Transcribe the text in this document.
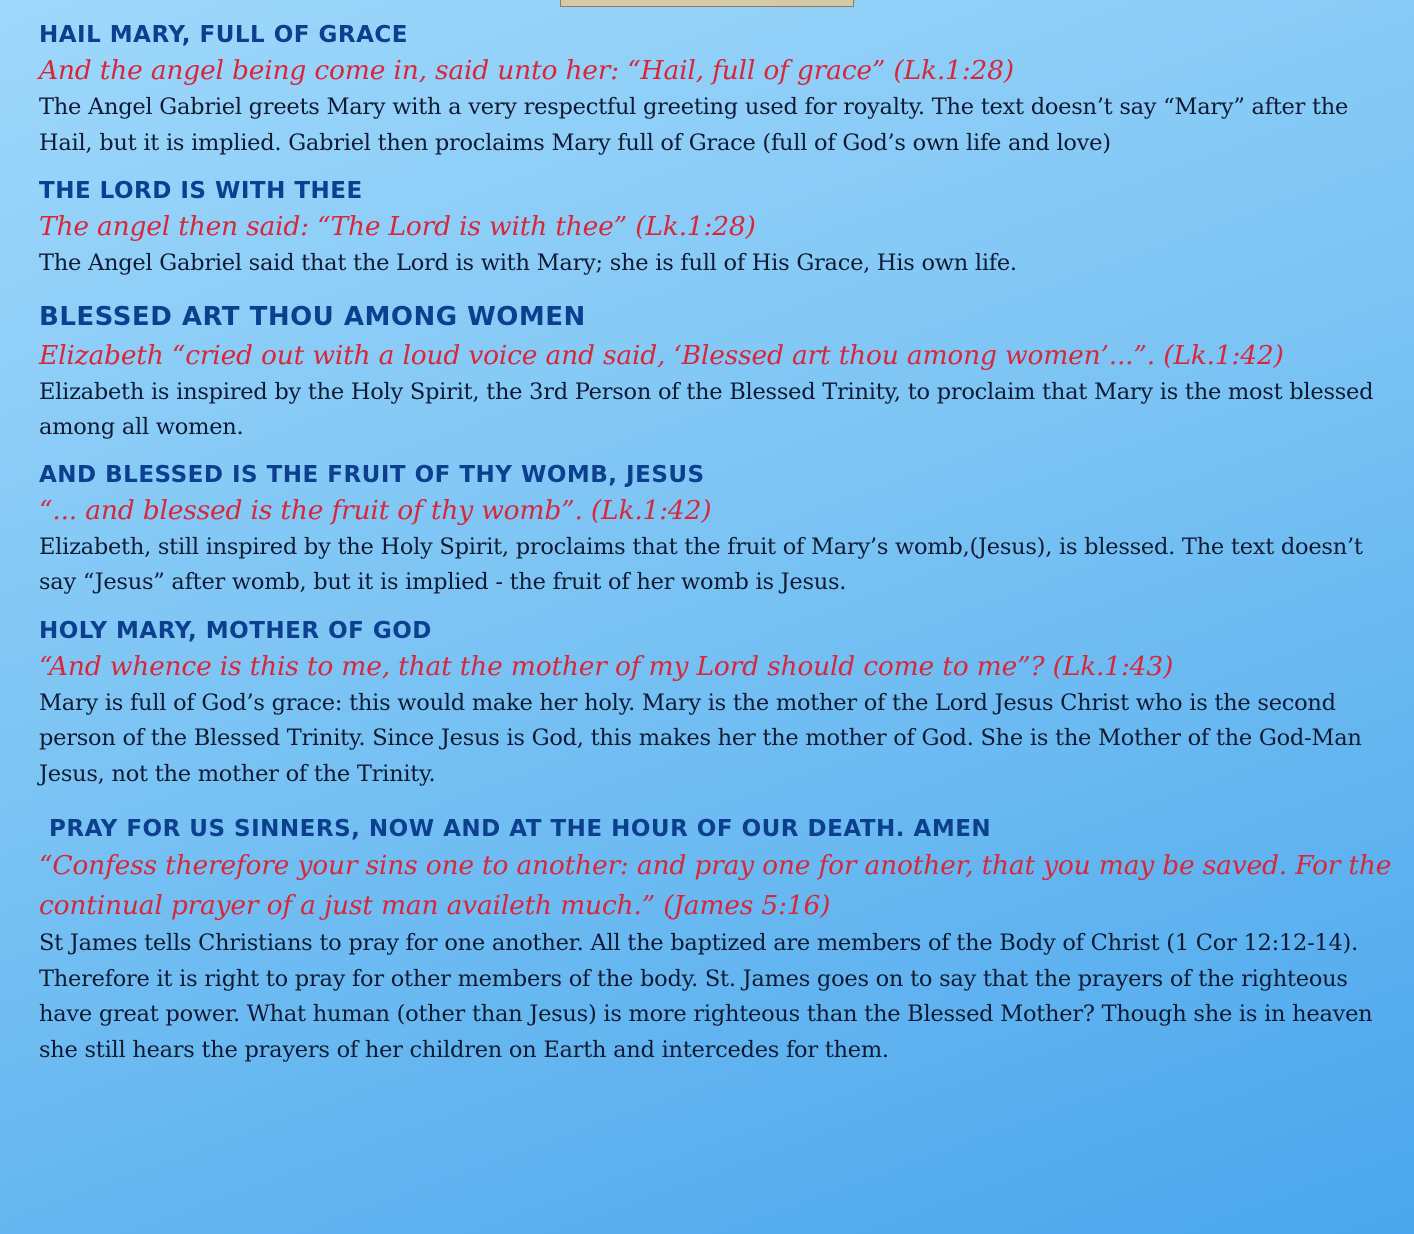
HAIL MARY, FULL OF GRACE
And the angel being come in, said unto her: “Hail, full of grace” (Lk.1:28)
The Angel Gabriel greets Mary with a very respectful greeting used for royalty. The text doesn’t say “Mary” after the Hail, but it is implied. Gabriel then proclaims Mary full of Grace (full of God’s own life and love)
THE LORD IS WITH THEE
The angel then said: “The Lord is with thee” (Lk.1:28)
The Angel Gabriel said that the Lord is with Mary; she is full of His Grace, His own life.
BLESSED ART THOU AMONG WOMEN
Elizabeth “cried out with a loud voice and said, ‘Blessed art thou among women’...”. (Lk.1:42)
Elizabeth is inspired by the Holy Spirit, the 3rd Person of the Blessed Trinity, to proclaim that Mary is the most blessed among all women.
AND BLESSED IS THE FRUIT OF THY WOMB, JESUS
“... and blessed is the fruit of thy womb”. (Lk.1:42)
Elizabeth, still inspired by the Holy Spirit, proclaims that the fruit of Mary’s womb,(Jesus), is blessed. The text doesn’t say “Jesus” after womb, but it is implied - the fruit of her womb is Jesus.
HOLY MARY, MOTHER OF GOD
“And whence is this to me, that the mother of my Lord should come to me”? (Lk.1:43)
Mary is full of God’s grace: this would make her holy. Mary is the mother of the Lord Jesus Christ who is the second person of the Blessed Trinity. Since Jesus is God, this makes her the mother of God. She is the Mother of the God-Man Jesus, not the mother of the Trinity.
PRAY FOR US SINNERS, NOW AND AT THE HOUR OF OUR DEATH. AMEN
“Confess therefore your sins one to another: and pray one for another, that you may be saved. For the continual prayer of a just man availeth much.” (James 5:16)
St James tells Christians to pray for one another. All the baptized are members of the Body of Christ (1 Cor 12:12-14). Therefore it is right to pray for other members of the body. St. James goes on to say that the prayers of the righteous have great power. What human (other than Jesus) is more righteous than the Blessed Mother? Though she is in heaven she still hears the prayers of her children on Earth and intercedes for them.
